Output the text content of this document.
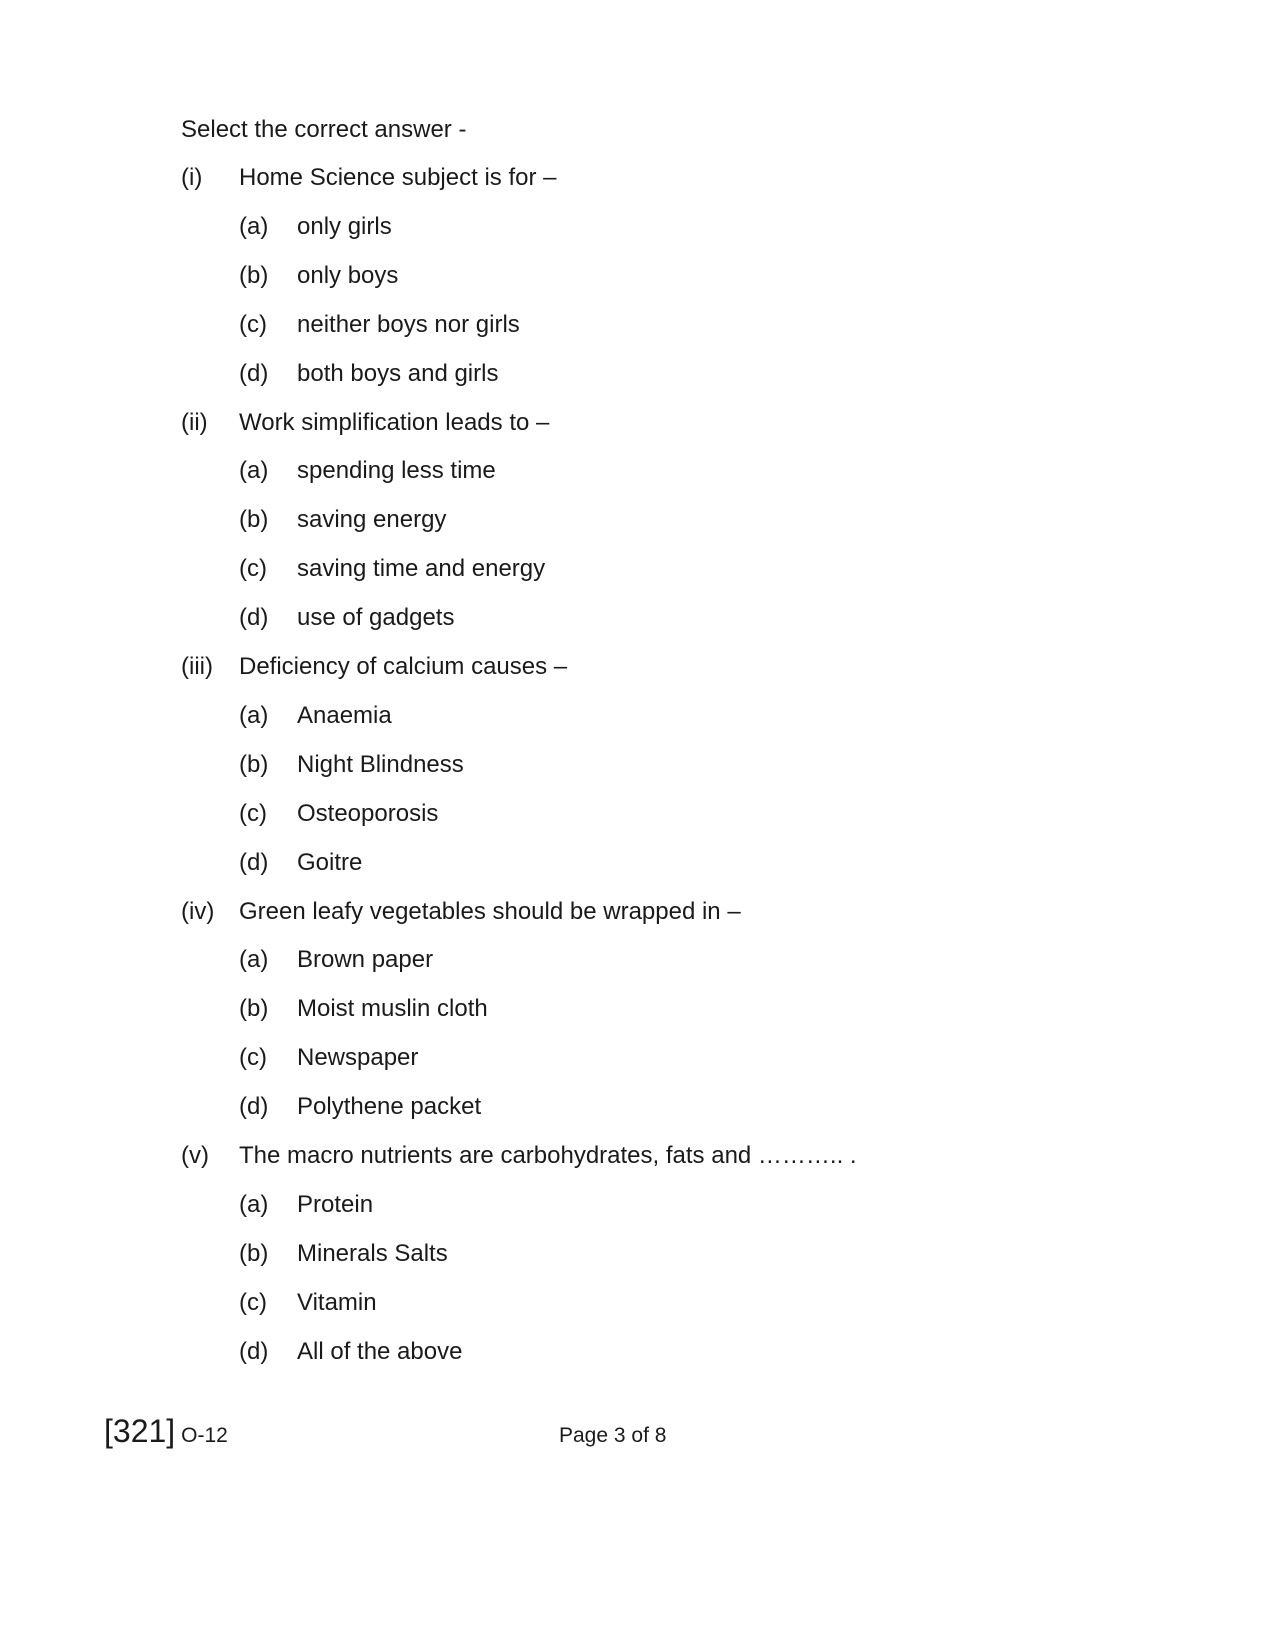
Select the correct answer -
(i) Home Science subject is for –
(a) only girls
(b) only boys
(c) neither boys nor girls
(d) both boys and girls
(ii) Work simplification leads to –
(a) spending less time
(b) saving energy
(c) saving time and energy
(d) use of gadgets
(iii) Deficiency of calcium causes –
(a) Anaemia
(b) Night Blindness
(c) Osteoporosis
(d) Goitre
(iv) Green leafy vegetables should be wrapped in –
(a) Brown paper
(b) Moist muslin cloth
(c) Newspaper
(d) Polythene packet
(v) The macro nutrients are carbohydrates, fats and ……….. .
(a) Protein
(b) Minerals Salts
(c) Vitamin
(d) All of the above
[321] O-12	Page 3 of 8
